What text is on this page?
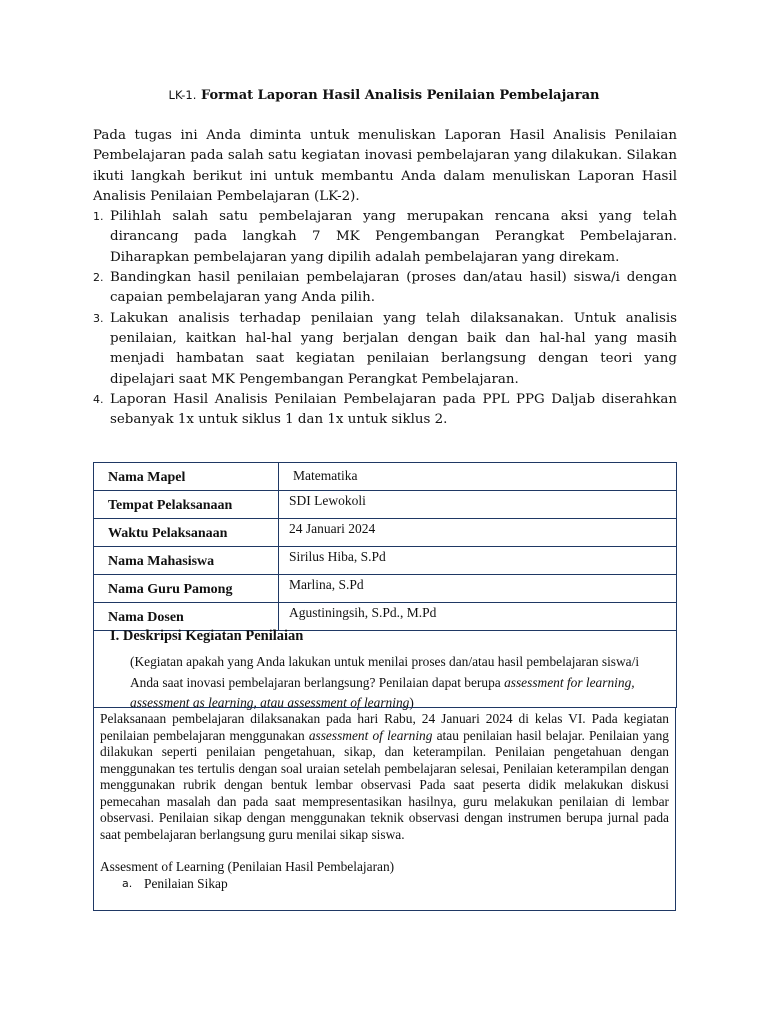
LK-1. Format Laporan Hasil Analisis Penilaian Pembelajaran

Pada tugas ini Anda diminta untuk menuliskan Laporan Hasil Analisis Penilaian Pembelajaran pada salah satu kegiatan inovasi pembelajaran yang dilakukan. Silakan ikuti langkah berikut ini untuk membantu Anda dalam menuliskan Laporan Hasil Analisis Penilaian Pembelajaran (LK-2).

1. Pilihlah salah satu pembelajaran yang merupakan rencana aksi yang telah dirancang pada langkah 7 MK Pengembangan Perangkat Pembelajaran. Diharapkan pembelajaran yang dipilih adalah pembelajaran yang direkam.
2. Bandingkan hasil penilaian pembelajaran (proses dan/atau hasil) siswa/i dengan capaian pembelajaran yang Anda pilih.
3. Lakukan analisis terhadap penilaian yang telah dilaksanakan. Untuk analisis penilaian, kaitkan hal-hal yang berjalan dengan baik dan hal-hal yang masih menjadi hambatan saat kegiatan penilaian berlangsung dengan teori yang dipelajari saat MK Pengembangan Perangkat Pembelajaran.
4. Laporan Hasil Analisis Penilaian Pembelajaran pada PPL PPG Daljab diserahkan sebanyak 1x untuk siklus 1 dan 1x untuk siklus 2.
Nama Mapel	Matematika
Tempat Pelaksanaan	SDI Lewokoli
Waktu Pelaksanaan	24 Januari 2024
Nama Mahasiswa	Sirilus Hiba, S.Pd
Nama Guru Pamong	Marlina, S.Pd
Nama Dosen	Agustiningsih, S.Pd., M.Pd
I. Deskripsi Kegiatan Penilaian
(Kegiatan apakah yang Anda lakukan untuk menilai proses dan/atau hasil pembelajaran siswa/i Anda saat inovasi pembelajaran berlangsung? Penilaian dapat berupa assessment for learning, assessment as learning, atau assessment of learning)

Pelaksanaan pembelajaran dilaksanakan pada hari Rabu, 24 Januari 2024 di kelas VI. Pada kegiatan penilaian pembelajaran menggunakan assessment of learning atau penilaian hasil belajar. Penilaian yang dilakukan seperti penilaian pengetahuan, sikap, dan keterampilan. Penilaian pengetahuan dengan menggunakan tes tertulis dengan soal uraian setelah pembelajaran selesai, Penilaian keterampilan dengan menggunakan rubrik dengan bentuk lembar observasi Pada saat peserta didik melakukan diskusi pemecahan masalah dan pada saat mempresentasikan hasilnya, guru melakukan penilaian di lembar observasi. Penilaian sikap dengan menggunakan teknik observasi dengan instrumen berupa jurnal pada saat pembelajaran berlangsung guru menilai sikap siswa.

Assesment of Learning (Penilaian Hasil Pembelajaran)

a. Penilaian Sikap
